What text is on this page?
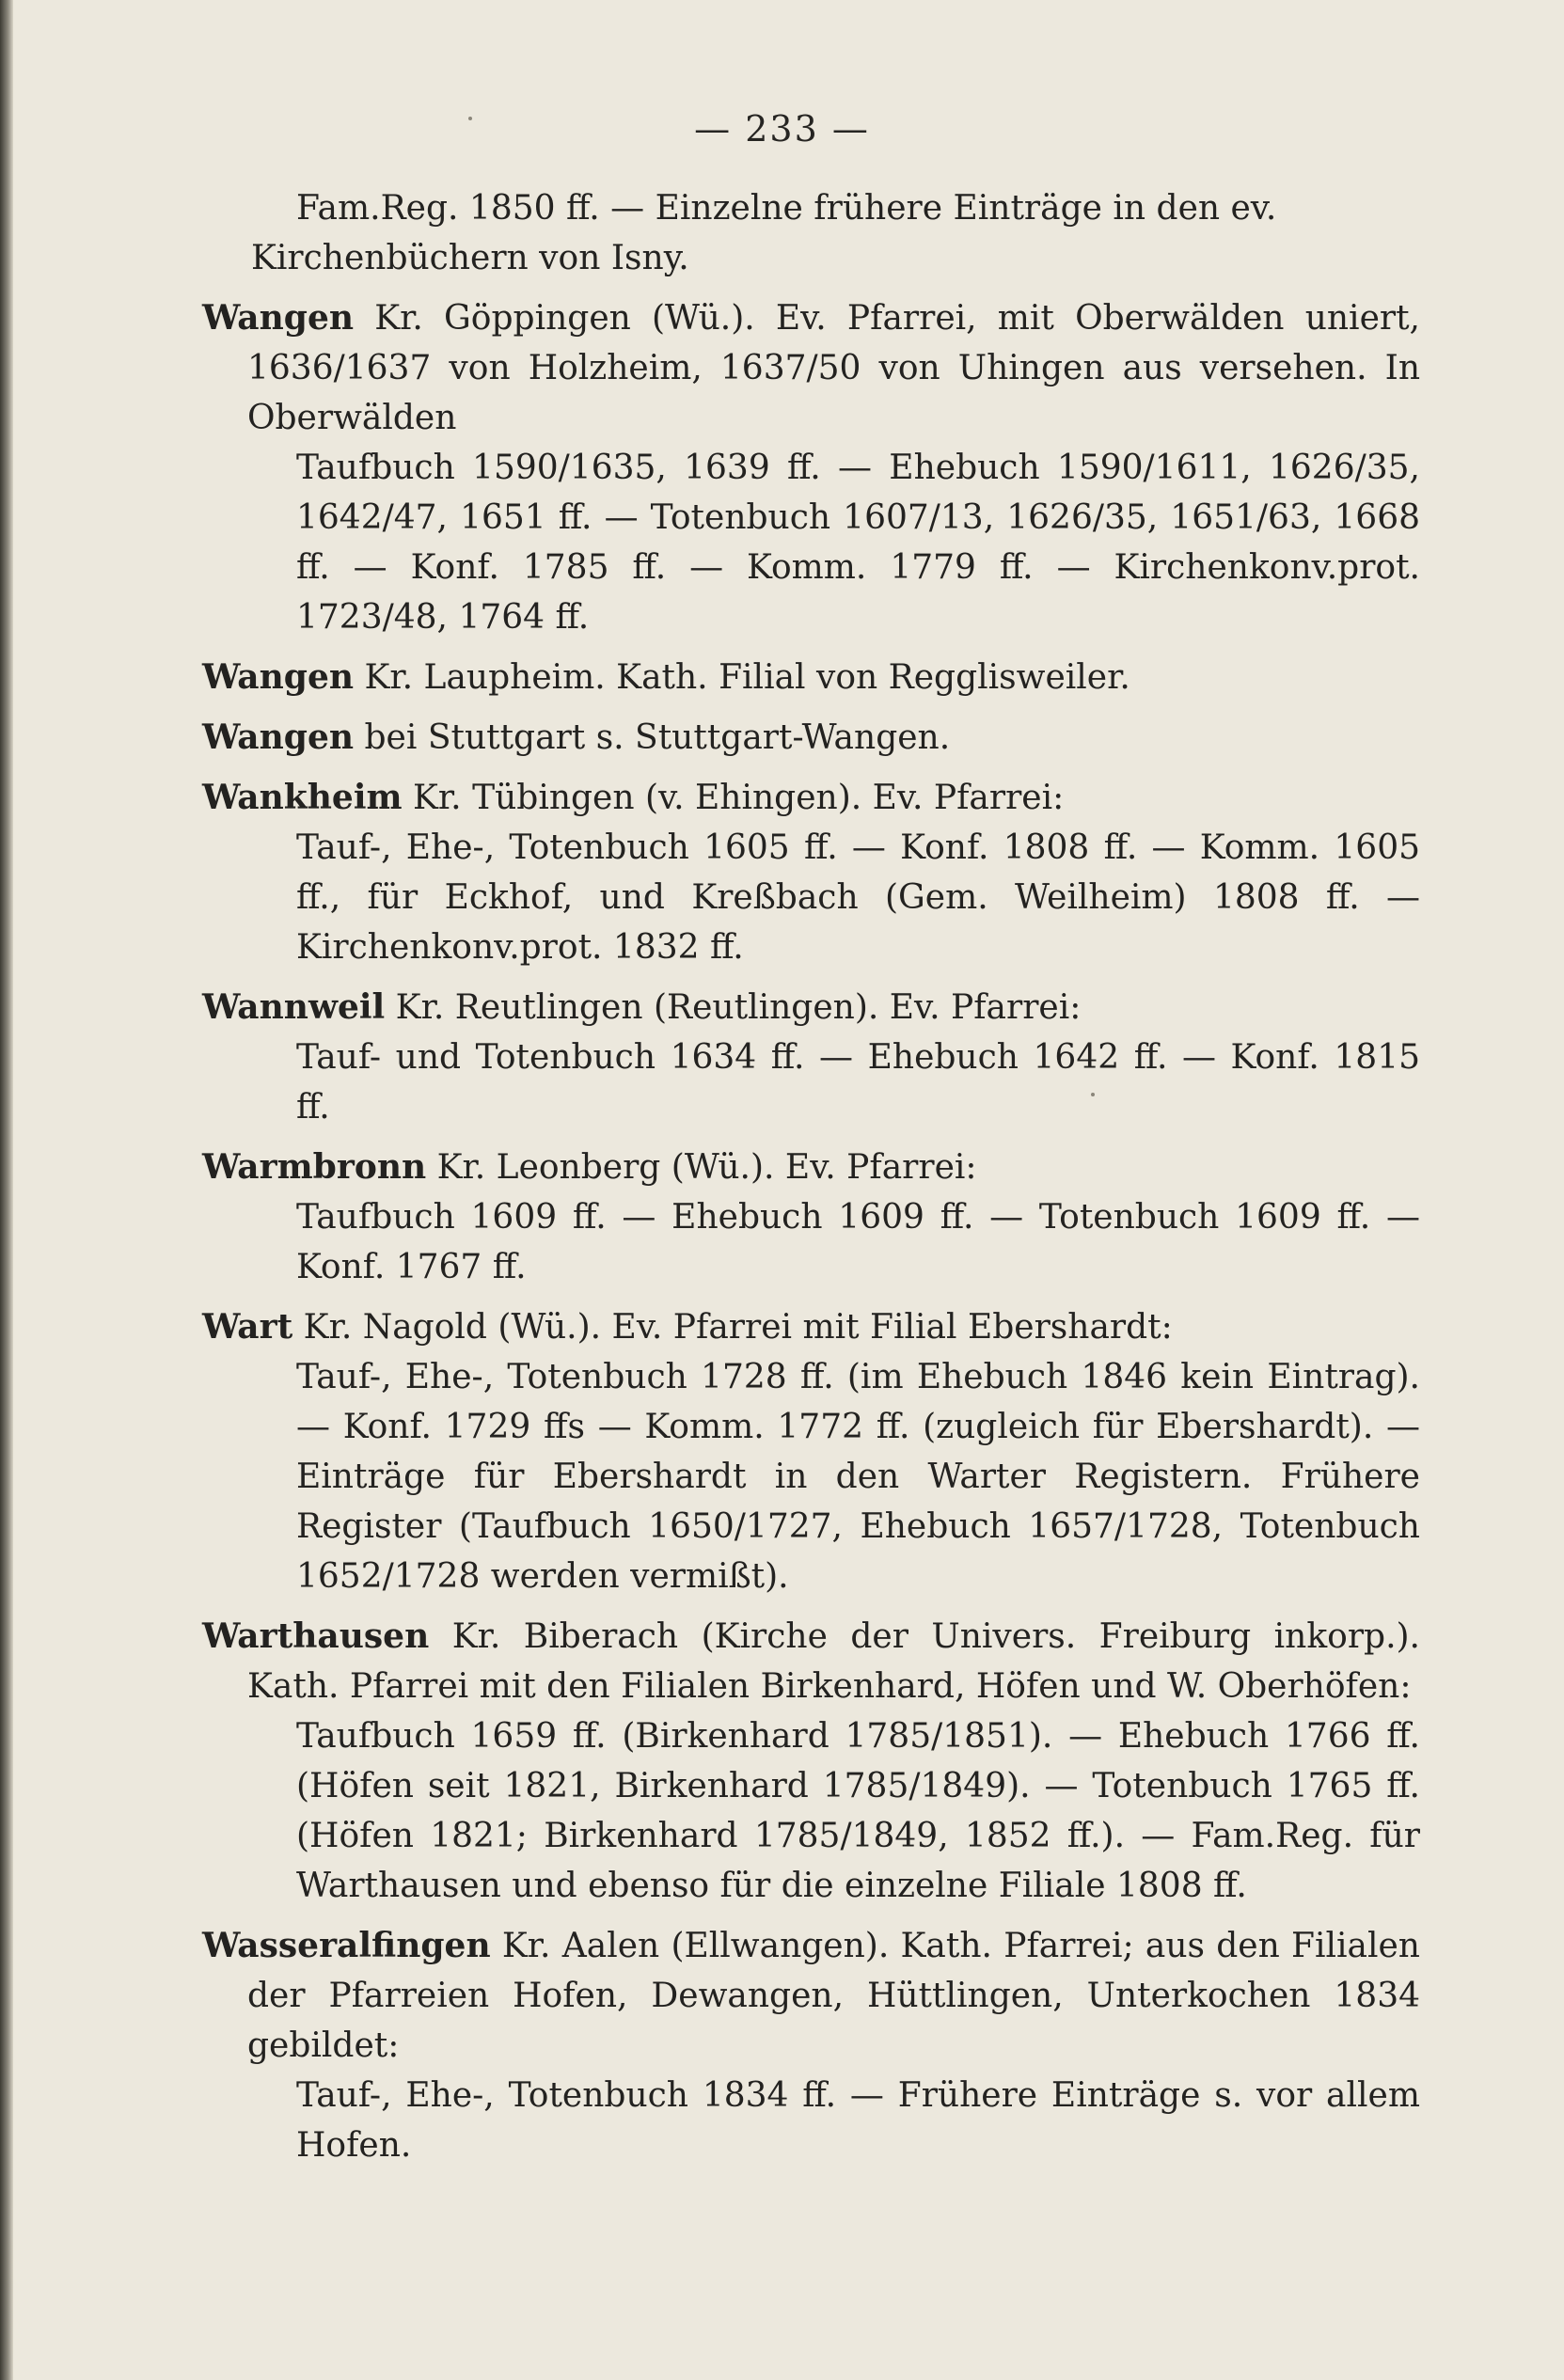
— 233 —
Fam.Reg. 1850 ff. — Einzelne frühere Einträge in den ev.
Kirchenbüchern von Isny.
Wangen Kr. Göppingen (Wü.). Ev. Pfarrei, mit Oberwälden uniert, 1636/1637 von Holzheim, 1637/50 von Uhingen aus versehen. In Oberwälden
Taufbuch 1590/1635, 1639 ff. — Ehebuch 1590/1611, 1626/35, 1642/47, 1651 ff. — Totenbuch 1607/13, 1626/35, 1651/63, 1668 ff. — Konf. 1785 ff. — Komm. 1779 ff. — Kirchenkonv.prot. 1723/48, 1764 ff.
Wangen Kr. Laupheim. Kath. Filial von Regglisweiler.
Wangen bei Stuttgart s. Stuttgart-Wangen.
Wankheim Kr. Tübingen (v. Ehingen). Ev. Pfarrei:
Tauf-, Ehe-, Totenbuch 1605 ff. — Konf. 1808 ff. — Komm. 1605 ff., für Eckhof, und Kreßbach (Gem. Weilheim) 1808 ff. — Kirchenkonv.prot. 1832 ff.
Wannweil Kr. Reutlingen (Reutlingen). Ev. Pfarrei:
Tauf- und Totenbuch 1634 ff. — Ehebuch 1642 ff. — Konf. 1815 ff.
Warmbronn Kr. Leonberg (Wü.). Ev. Pfarrei:
Taufbuch 1609 ff. — Ehebuch 1609 ff. — Totenbuch 1609 ff. — Konf. 1767 ff.
Wart Kr. Nagold (Wü.). Ev. Pfarrei mit Filial Ebershardt:
Tauf-, Ehe-, Totenbuch 1728 ff. (im Ehebuch 1846 kein Eintrag). — Konf. 1729 ffs — Komm. 1772 ff. (zugleich für Ebershardt). — Einträge für Ebershardt in den Warter Registern. Frühere Register (Taufbuch 1650/1727, Ehebuch 1657/1728, Totenbuch 1652/1728 werden vermißt).
Warthausen Kr. Biberach (Kirche der Univers. Freiburg inkorp.). Kath. Pfarrei mit den Filialen Birkenhard, Höfen und W. Oberhöfen:
Taufbuch 1659 ff. (Birkenhard 1785/1851). — Ehebuch 1766 ff. (Höfen seit 1821, Birkenhard 1785/1849). — Totenbuch 1765 ff. (Höfen 1821; Birkenhard 1785/1849, 1852 ff.). — Fam.Reg. für Warthausen und ebenso für die einzelne Filiale 1808 ff.
Wasseralfingen Kr. Aalen (Ellwangen). Kath. Pfarrei; aus den Filialen der Pfarreien Hofen, Dewangen, Hüttlingen, Unterkochen 1834 gebildet:
Tauf-, Ehe-, Totenbuch 1834 ff. — Frühere Einträge s. vor allem Hofen.
